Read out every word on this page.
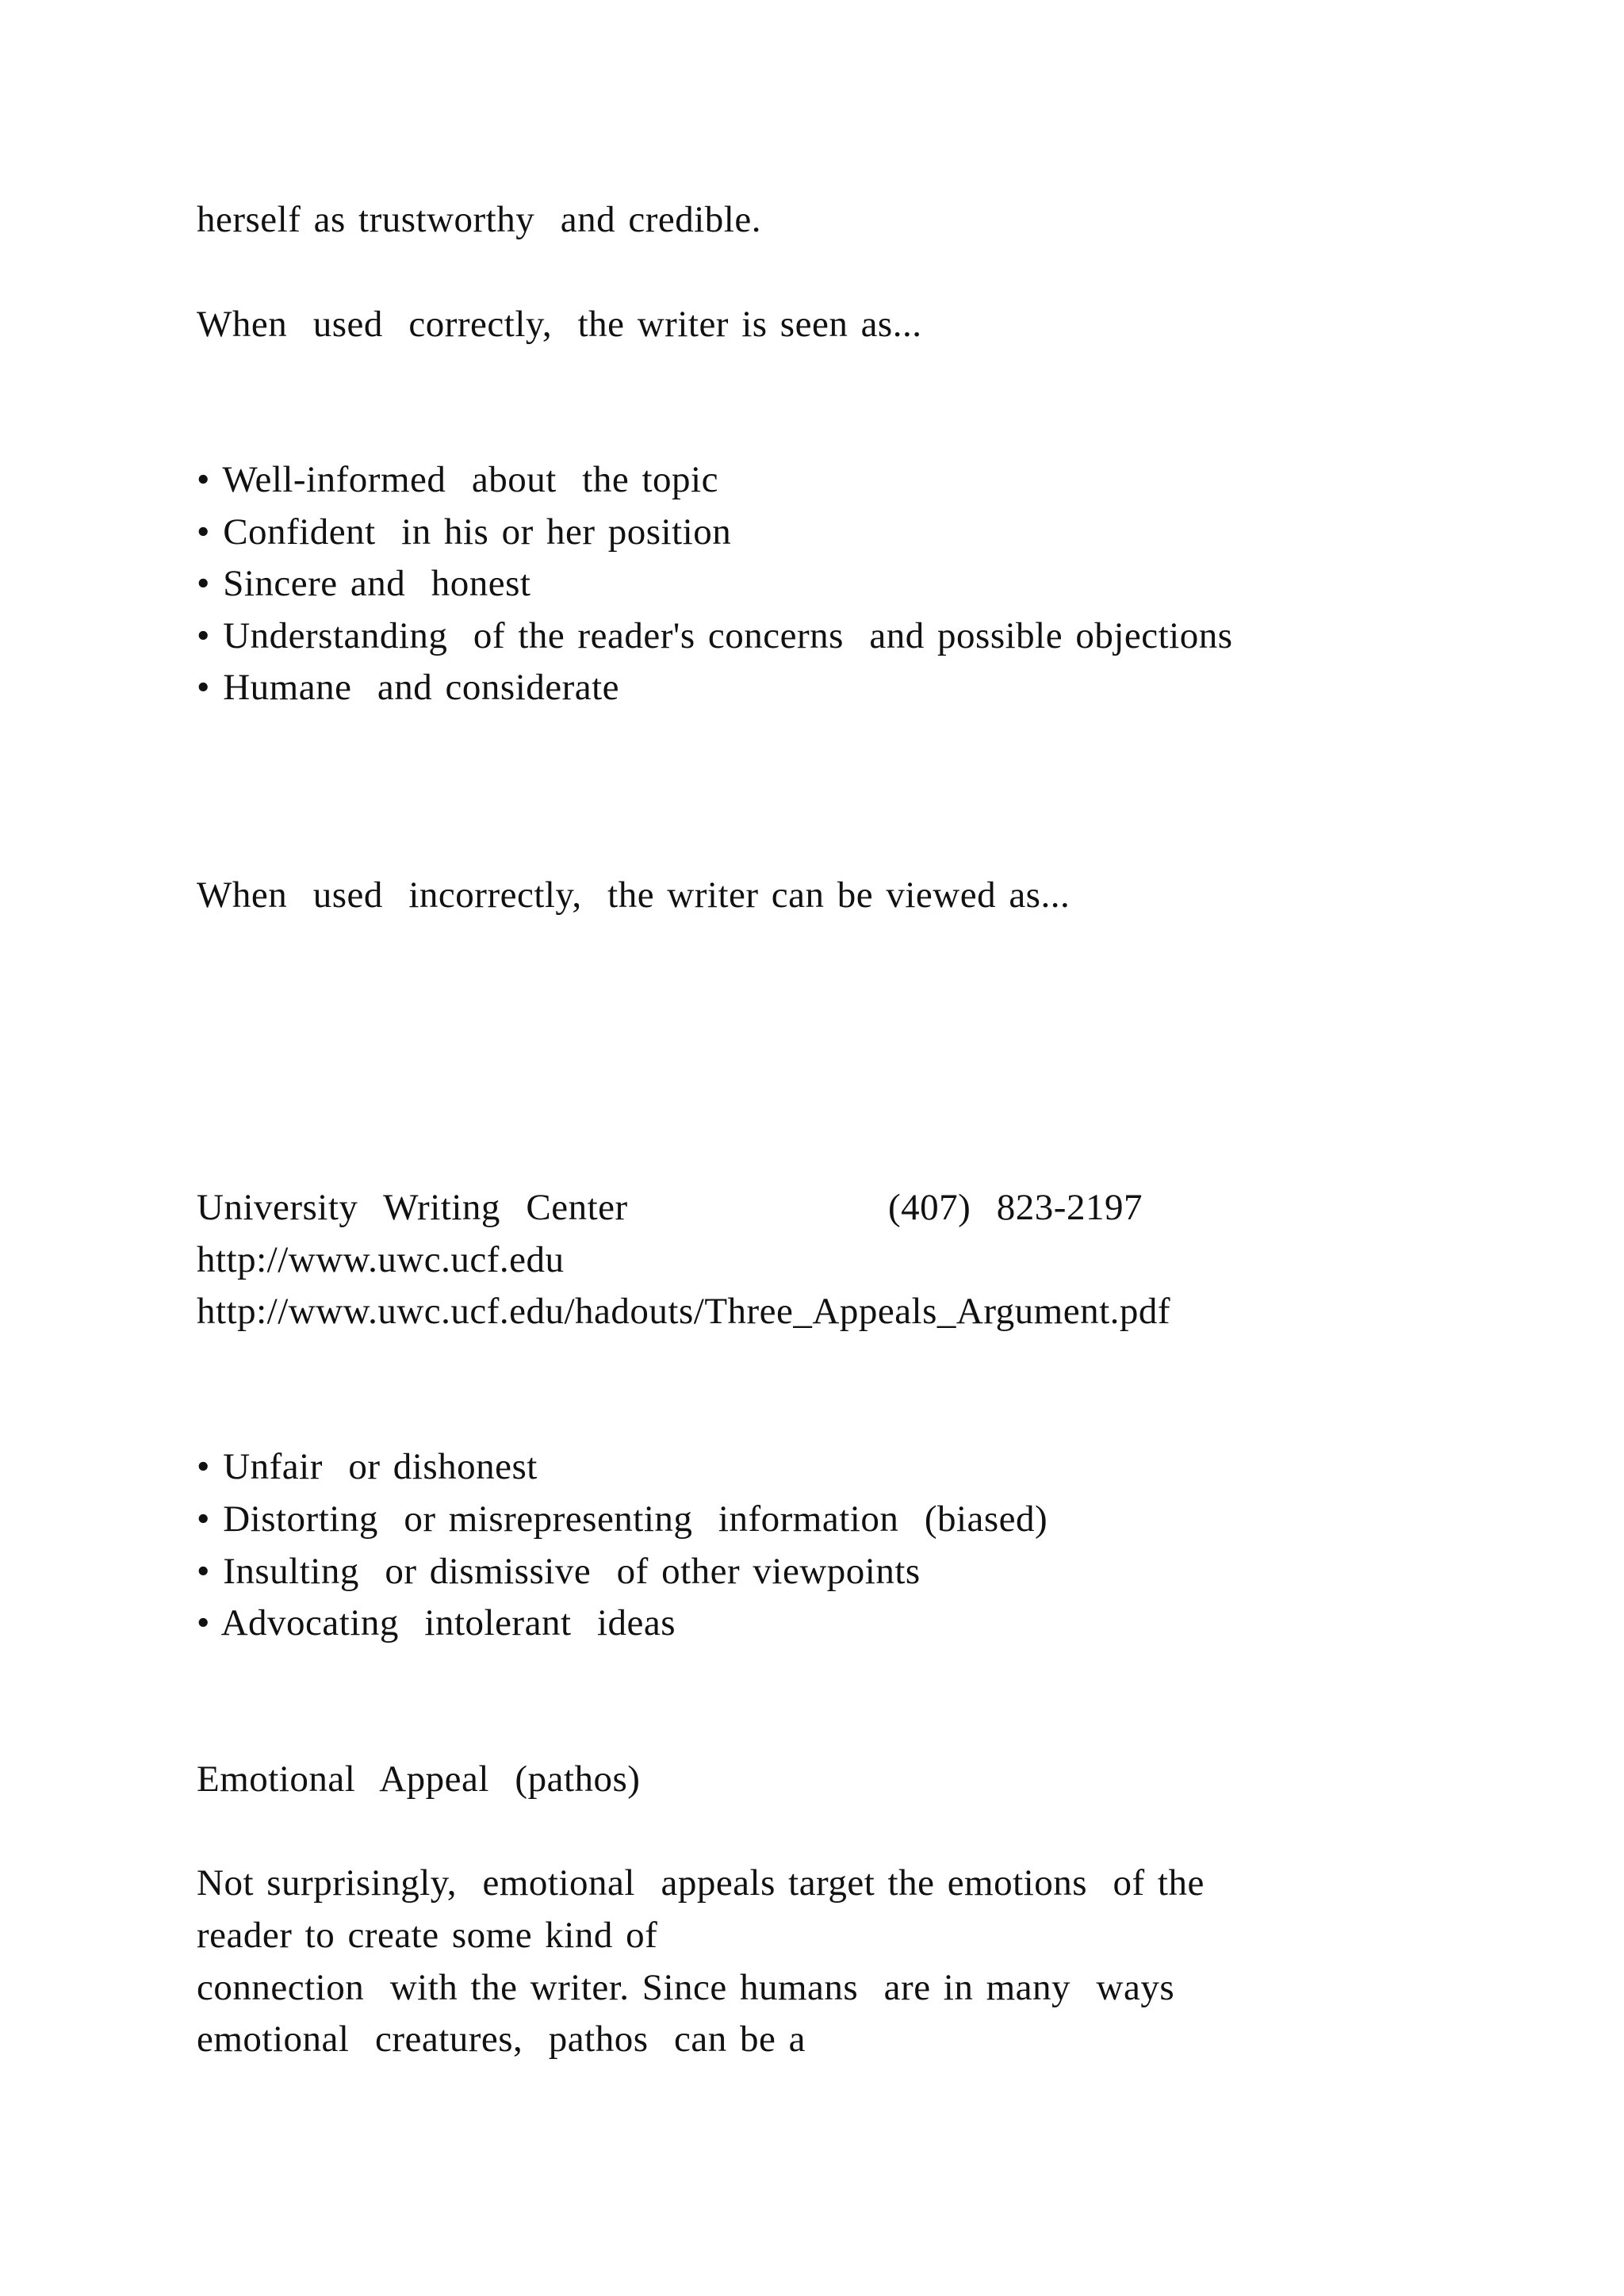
herself as trustworthy  and credible.
When  used  correctly,  the writer is seen as...
• Well-informed  about  the topic
• Confident  in his or her position
• Sincere and  honest
• Understanding  of the reader's concerns  and possible objections
• Humane  and considerate
When  used  incorrectly,  the writer can be viewed as...
University  Writing  Center	(407)  823-2197
http://www.uwc.ucf.edu
http://www.uwc.ucf.edu/hadouts/Three_Appeals_Argument.pdf
• Unfair  or dishonest
• Distorting  or misrepresenting  information  (biased)
• Insulting  or dismissive  of other viewpoints
• Advocating  intolerant  ideas
Emotional  Appeal  (pathos)
Not surprisingly,  emotional  appeals target the emotions  of the
reader to create some kind of
connection  with the writer. Since humans  are in many  ways
emotional  creatures,  pathos  can be a
